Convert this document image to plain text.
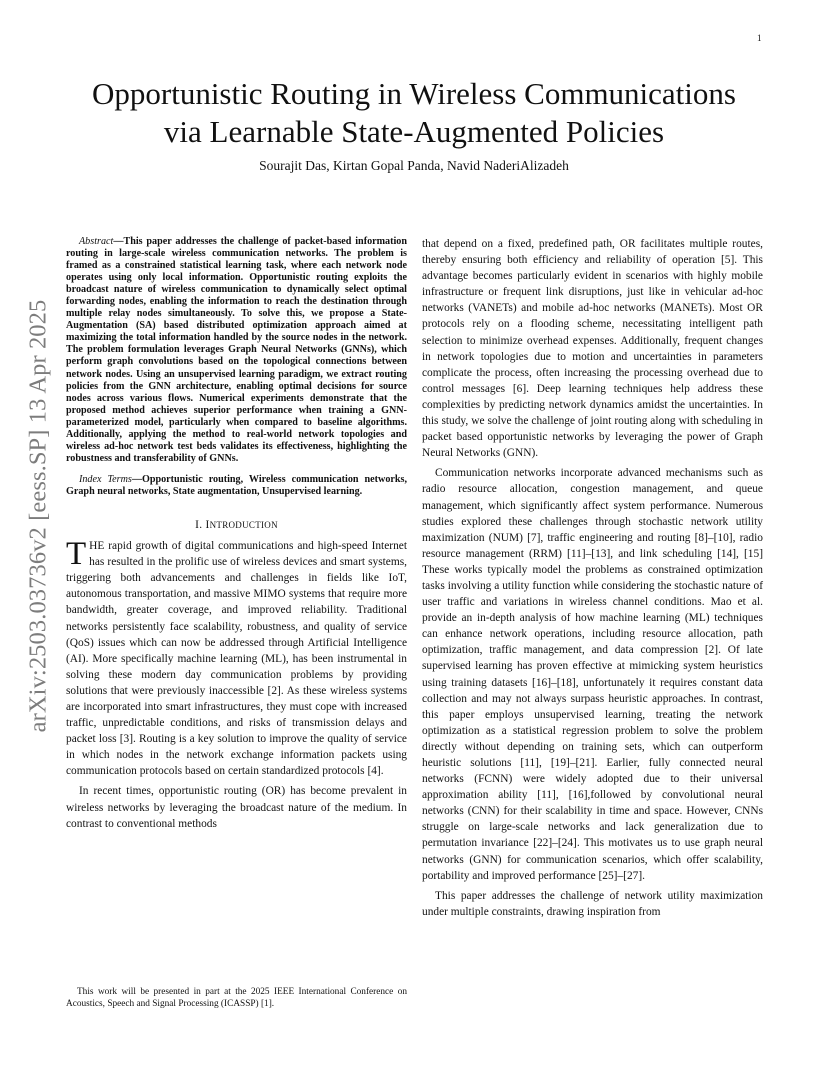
1
arXiv:2503.03736v2 [eess.SP] 13 Apr 2025
Opportunistic Routing in Wireless Communications
via Learnable State-Augmented Policies
Sourajit Das, Kirtan Gopal Panda, Navid NaderiAlizadeh

Abstract—This paper addresses the challenge of packet-based information routing in large-scale wireless communication networks. The problem is framed as a constrained statistical learning task, where each network node operates using only local information. Opportunistic routing exploits the broadcast nature of wireless communication to dynamically select optimal forwarding nodes, enabling the information to reach the destination through multiple relay nodes simultaneously. To solve this, we propose a State-Augmentation (SA) based distributed optimization approach aimed at maximizing the total information handled by the source nodes in the network. The problem formulation leverages Graph Neural Networks (GNNs), which perform graph convolutions based on the topological connections between network nodes. Using an unsupervised learning paradigm, we extract routing policies from the GNN architecture, enabling optimal decisions for source nodes across various flows. Numerical experiments demonstrate that the proposed method achieves superior performance when training a GNN-parameterized model, particularly when compared to baseline algorithms. Additionally, applying the method to real-world network topologies and wireless ad-hoc network test beds validates its effectiveness, highlighting the robustness and transferability of GNNs.

Index Terms—Opportunistic routing, Wireless communication networks, Graph neural networks, State augmentation, Unsupervised learning.

I. INTRODUCTION

THE rapid growth of digital communications and high-speed Internet has resulted in the prolific use of wireless devices and smart systems, triggering both advancements and challenges in fields like IoT, autonomous transportation, and massive MIMO systems that require more bandwidth, greater coverage, and improved reliability. Traditional networks persistently face scalability, robustness, and quality of service (QoS) issues which can now be addressed through Artificial Intelligence (AI). More specifically machine learning (ML), has been instrumental in solving these modern day communication problems by providing solutions that were previously inaccessible [2]. As these wireless systems are incorporated into smart infrastructures, they must cope with increased traffic, unpredictable conditions, and risks of transmission delays and packet loss [3]. Routing is a key solution to improve the quality of service in which nodes in the network exchange information packets using communication protocols based on certain standardized protocols [4].

In recent times, opportunistic routing (OR) has become prevalent in wireless networks by leveraging the broadcast nature of the medium. In contrast to conventional methods

This work will be presented in part at the 2025 IEEE International Conference on Acoustics, Speech and Signal Processing (ICASSP) [1].

that depend on a fixed, predefined path, OR facilitates multiple routes, thereby ensuring both efficiency and reliability of operation [5]. This advantage becomes particularly evident in scenarios with highly mobile infrastructure or frequent link disruptions, just like in vehicular ad-hoc networks (VANETs) and mobile ad-hoc networks (MANETs). Most OR protocols rely on a flooding scheme, necessitating intelligent path selection to minimize overhead expenses. Additionally, frequent changes in network topologies due to motion and uncertainties in parameters complicate the process, often increasing the processing overhead due to control messages [6]. Deep learning techniques help address these complexities by predicting network dynamics amidst the uncertainties. In this study, we solve the challenge of joint routing along with scheduling in packet based opportunistic networks by leveraging the power of Graph Neural Networks (GNN).

Communication networks incorporate advanced mechanisms such as radio resource allocation, congestion management, and queue management, which significantly affect system performance. Numerous studies explored these challenges through stochastic network utility maximization (NUM) [7], traffic engineering and routing [8]–[10], radio resource management (RRM) [11]–[13], and link scheduling [14], [15] These works typically model the problems as constrained optimization tasks involving a utility function while considering the stochastic nature of user traffic and variations in wireless channel conditions. Mao et al. provide an in-depth analysis of how machine learning (ML) techniques can enhance network operations, including resource allocation, path optimization, traffic management, and data compression [2]. Of late supervised learning has proven effective at mimicking system heuristics using training datasets [16]–[18], unfortunately it requires constant data collection and may not always surpass heuristic approaches. In contrast, this paper employs unsupervised learning, treating the network optimization as a statistical regression problem to solve the problem directly without depending on training sets, which can outperform heuristic solutions [11], [19]–[21]. Earlier, fully connected neural networks (FCNN) were widely adopted due to their universal approximation ability [11], [16],followed by convolutional neural networks (CNN) for their scalability in time and space. However, CNNs struggle on large-scale networks and lack generalization due to permutation invariance [22]–[24]. This motivates us to use graph neural networks (GNN) for communication scenarios, which offer scalability, portability and improved performance [25]–[27].

This paper addresses the challenge of network utility maximization under multiple constraints, drawing inspiration from
